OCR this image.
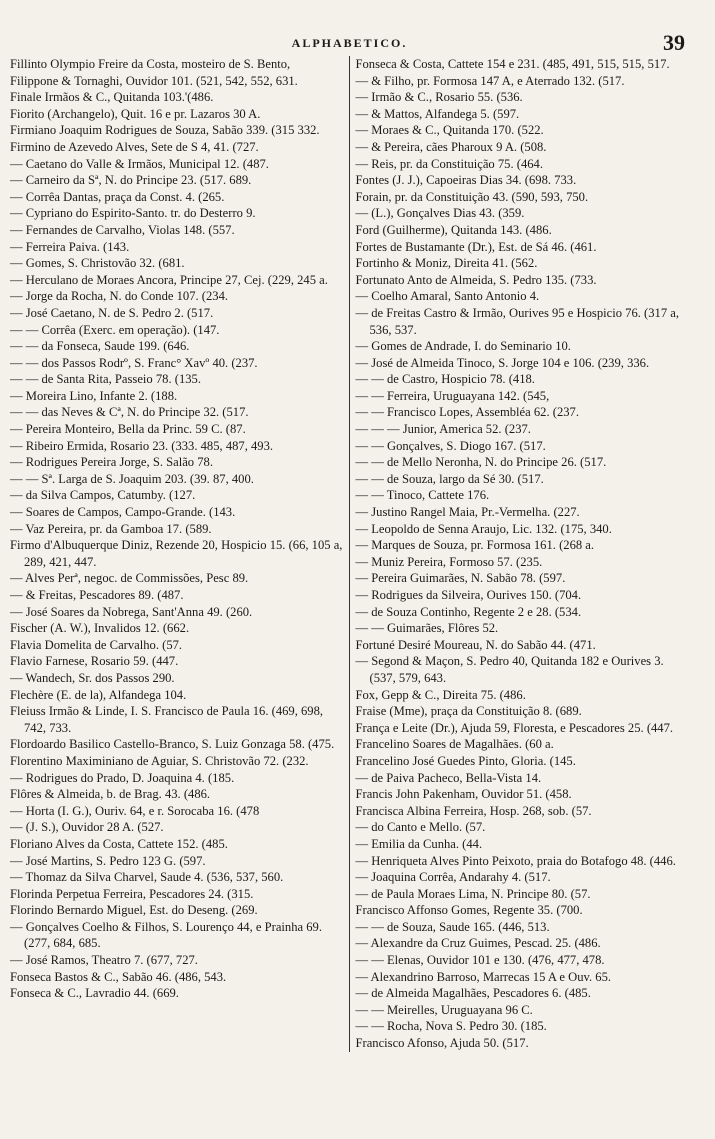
ALPHABETICO.	39

Fillinto Olympio Freire da Costa, mosteiro de S. Bento,

Filippone & Tornaghi, Ouvidor 101. (521, 542, 552, 631.

Finale Irmãos & C., Quitanda 103.'(486.

Fiorito (Archangelo), Quit. 16 e pr. Lazaros 30 A.

Firmiano Joaquim Rodrigues de Souza, Sabão 339. (315 332.

Firmino de Azevedo Alves, Sete de S 4, 41. (727.

— Caetano do Valle & Irmãos, Municipal 12. (487.

— Carneiro da Sª, N. do Principe 23. (517. 689.

— Corrêa Dantas, praça da Const. 4. (265.

— Cypriano do Espirito-Santo. tr. do Desterro 9.

— Fernandes de Carvalho, Violas 148. (557.

— Ferreira Paiva. (143.

— Gomes, S. Christovão 32. (681.

— Herculano de Moraes Ancora, Principe 27, Cej. (229, 245 a.

— Jorge da Rocha, N. do Conde 107. (234.

— José Caetano, N. de S. Pedro 2. (517.

— — Corrêa (Exerc. em operação). (147.

— — da Fonseca, Saude 199. (646.

— — dos Passos Rodrº, S. Franc° Xavº 40. (237.

— — de Santa Rita, Passeio 78. (135.

— Moreira Lino, Infante 2. (188.

— — das Neves & Cª, N. do Principe 32. (517.

— Pereira Monteiro, Bella da Princ. 59 C. (87.

— Ribeiro Ermida, Rosario 23. (333. 485, 487, 493.

— Rodrigues Pereira Jorge, S. Salão 78.

— — Sª. Larga de S. Joaquim 203. (39. 87, 400.

— da Silva Campos, Catumby. (127.

— Soares de Campos, Campo-Grande. (143.

— Vaz Pereira, pr. da Gamboa 17. (589.

Firmo d'Albuquerque Diniz, Rezende 20, Hospicio 15. (66, 105 a, 289, 421, 447.

— Alves Perª, negoc. de Commissões, Pesc 89.

— & Freitas, Pescadores 89. (487.

— José Soares da Nobrega, Sant'Anna 49. (260.

Fischer (A. W.), Invalidos 12. (662.

Flavia Domelita de Carvalho. (57.

Flavio Farnese, Rosario 59. (447.

— Wandech, Sr. dos Passos 290.

Flechère (E. de la), Alfandega 104.

Fleiuss Irmão & Linde, I. S. Francisco de Paula 16. (469, 698, 742, 733.

Flordoardo Basilico Castello-Branco, S. Luiz Gonzaga 58. (475.

Florentino Maximiniano de Aguiar, S. Christovão 72. (232.

— Rodrigues do Prado, D. Joaquina 4. (185.

Flôres & Almeida, b. de Brag. 43. (486.

— Horta (I. G.), Ouriv. 64, e r. Sorocaba 16. (478

— (J. S.), Ouvidor 28 A. (527.

Floriano Alves da Costa, Cattete 152. (485.

— José Martins, S. Pedro 123 G. (597.

— Thomaz da Silva Charvel, Saude 4. (536, 537, 560.

Florinda Perpetua Ferreira, Pescadores 24. (315.

Florindo Bernardo Miguel, Est. do Deseng. (269.

— Gonçalves Coelho & Filhos, S. Lourenço 44, e Prainha 69. (277, 684, 685.

— José Ramos, Theatro 7. (677, 727.

Fonseca Bastos & C., Sabão 46. (486, 543.

Fonseca & C., Lavradio 44. (669.

Fonseca & Costa, Cattete 154 e 231. (485, 491, 515, 515, 517.

— & Filho, pr. Formosa 147 A, e Aterrado 132. (517.

— Irmão & C., Rosario 55. (536.

— & Mattos, Alfandega 5. (597.

— Moraes & C., Quitanda 170. (522.

— & Pereira, cães Pharoux 9 A. (508.

— Reis, pr. da Constituição 75. (464.

Fontes (J. J.), Capoeiras Dias 34. (698. 733.

Forain, pr. da Constituição 43. (590, 593, 750.

— (L.), Gonçalves Dias 43. (359.

Ford (Guilherme), Quitanda 143. (486.

Fortes de Bustamante (Dr.), Est. de Sá 46. (461.

Fortinho & Moniz, Direita 41. (562.

Fortunato Anto de Almeida, S. Pedro 135. (733.

— Coelho Amaral, Santo Antonio 4.

— de Freitas Castro & Irmão, Ourives 95 e Hospicio 76. (317 a, 536, 537.

— Gomes de Andrade, I. do Seminario 10.

— José de Almeida Tinoco, S. Jorge 104 e 106. (239, 336.

— — de Castro, Hospicio 78. (418.

— — Ferreira, Uruguayana 142. (545,

— — Francisco Lopes, Assembléa 62. (237.

— — — Junior, America 52. (237.

— — Gonçalves, S. Diogo 167. (517.

— — de Mello Neronha, N. do Principe 26. (517.

— — de Souza, largo da Sé 30. (517.

— — Tinoco, Cattete 176.

— Justino Rangel Maia, Pr.-Vermelha. (227.

— Leopoldo de Senna Araujo, Lic. 132. (175, 340.

— Marques de Souza, pr. Formosa 161. (268 a.

— Muniz Pereira, Formoso 57. (235.

— Pereira Guimarães, N. Sabão 78. (597.

— Rodrigues da Silveira, Ourives 150. (704.

— de Souza Continho, Regente 2 e 28. (534.

— — Guimarães, Flôres 52.

Fortuné Desiré Moureau, N. do Sabão 44. (471.

— Segond & Maçon, S. Pedro 40, Quitanda 182 e Ourives 3. (537, 579, 643.

Fox, Gepp & C., Direita 75. (486.

Fraise (Mme), praça da Constituição 8. (689.

França e Leite (Dr.), Ajuda 59, Floresta, e Pescadores 25. (447.

Francelino Soares de Magalhães. (60 a.

Francelino José Guedes Pinto, Gloria. (145.

— de Paiva Pacheco, Bella-Vista 14.

Francis John Pakenham, Ouvidor 51. (458.

Francisca Albina Ferreira, Hosp. 268, sob. (57.

— do Canto e Mello. (57.

— Emilia da Cunha. (44.

— Henriqueta Alves Pinto Peixoto, praia do Botafogo 48. (446.

— Joaquina Corrêa, Andarahy 4. (517.

— de Paula Moraes Lima, N. Principe 80. (57.

Francisco Affonso Gomes, Regente 35. (700.

— — de Souza, Saude 165. (446, 513.

— Alexandre da Cruz Guimes, Pescad. 25. (486.

— — Elenas, Ouvidor 101 e 130. (476, 477, 478.

— Alexandrino Barroso, Marrecas 15 A e Ouv. 65.

— de Almeida Magalhães, Pescadores 6. (485.

— — Meirelles, Uruguayana 96 C.

— — Rocha, Nova S. Pedro 30. (185.

Francisco Afonso, Ajuda 50. (517.
